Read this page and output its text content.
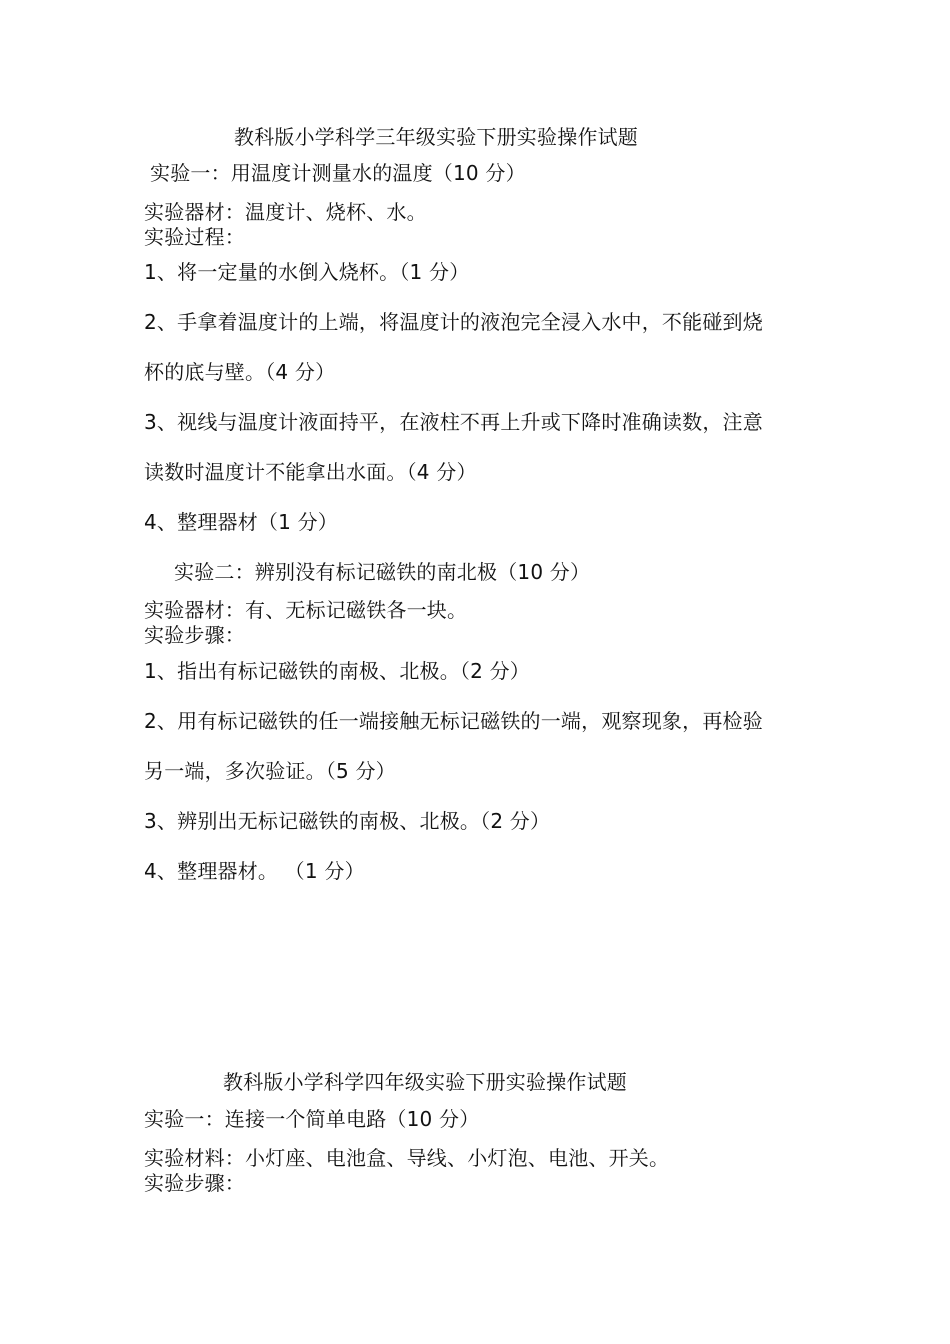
教科版小学科学三年级实验下册实验操作试题
实验一：用温度计测量水的温度（10 分）
实验器材：温度计、烧杯、水。
实验过程：
1、将一定量的水倒入烧杯。（1 分）
2、手拿着温度计的上端，将温度计的液泡完全浸入水中，不能碰到烧
杯的底与壁。（4 分）
3、视线与温度计液面持平，在液柱不再上升或下降时准确读数，注意
读数时温度计不能拿出水面。（4 分）
4、整理器材（1 分）
实验二：辨别没有标记磁铁的南北极（10 分）
实验器材：有、无标记磁铁各一块。
实验步骤：
1、指出有标记磁铁的南极、北极。（2 分）
2、用有标记磁铁的任一端接触无标记磁铁的一端，观察现象，再检验
另一端，多次验证。（5 分）
3、辨别出无标记磁铁的南极、北极。（2 分）
4、整理器材。 （1 分）
教科版小学科学四年级实验下册实验操作试题
实验一：连接一个简单电路（10 分）
实验材料：小灯座、电池盒、导线、小灯泡、电池、开关。
实验步骤：
